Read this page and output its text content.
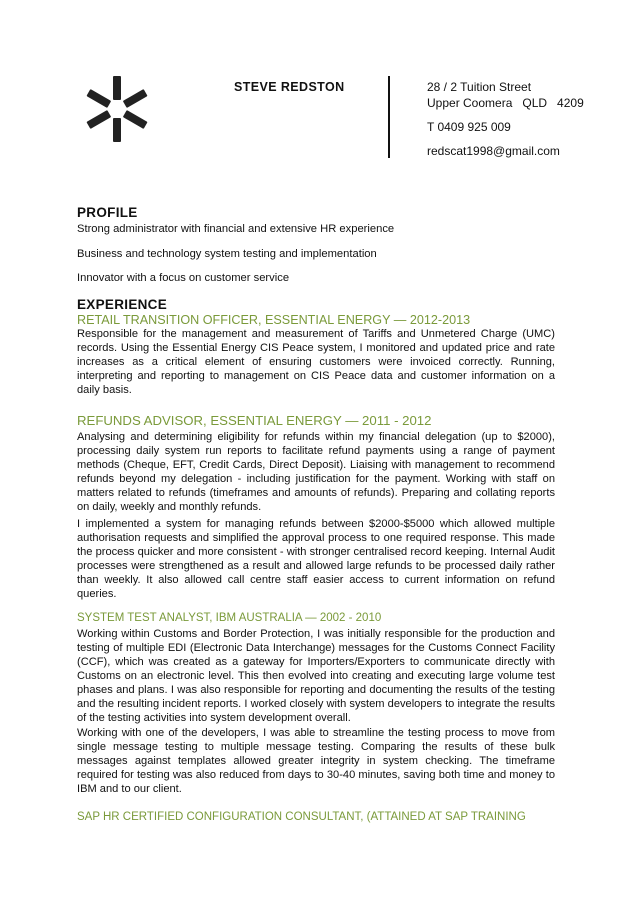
STEVE REDSTON	28 / 2 Tuition Street
Upper Coomera   QLD   4209
T 0409 925 009
redscat1998@gmail.com
PROFILE
Strong administrator with financial and extensive HR experience
Business and technology system testing and implementation
Innovator with a focus on customer service
EXPERIENCE
RETAIL TRANSITION OFFICER, ESSENTIAL ENERGY — 2012-2013
Responsible for the management and measurement of Tariffs and Unmetered Charge (UMC) records. Using the Essential Energy CIS Peace system, I monitored and updated price and rate increases as a critical element of ensuring customers were invoiced correctly. Running, interpreting and reporting to management on CIS Peace data and customer information on a daily basis.
REFUNDS ADVISOR, ESSENTIAL ENERGY — 2011 - 2012
Analysing and determining eligibility for refunds within my financial delegation (up to $2000), processing daily system run reports to facilitate refund payments using a range of payment methods (Cheque, EFT, Credit Cards, Direct Deposit). Liaising with management to recommend refunds beyond my delegation - including justification for the payment. Working with staff on matters related to refunds (timeframes and amounts of refunds). Preparing and collating reports on daily, weekly and monthly refunds.
I implemented a system for managing refunds between $2000-$5000 which allowed multiple authorisation requests and simplified the approval process to one required response. This made the process quicker and more consistent - with stronger centralised record keeping. Internal Audit processes were strengthened as a result and allowed large refunds to be processed daily rather than weekly. It also allowed call centre staff easier access to current information on refund queries.
SYSTEM TEST ANALYST, IBM AUSTRALIA — 2002 - 2010
Working within Customs and Border Protection, I was initially responsible for the production and testing of multiple EDI (Electronic Data Interchange) messages for the Customs Connect Facility (CCF), which was created as a gateway for Importers/Exporters to communicate directly with Customs on an electronic level. This then evolved into creating and executing large volume test phases and plans. I was also responsible for reporting and documenting the results of the testing and the resulting incident reports. I worked closely with system developers to integrate the results of the testing activities into system development overall.
Working with one of the developers, I was able to streamline the testing process to move from single message testing to multiple message testing. Comparing the results of these bulk messages against templates allowed greater integrity in system checking. The timeframe required for testing was also reduced from days to 30-40 minutes, saving both time and money to IBM and to our client.
SAP HR CERTIFIED CONFIGURATION CONSULTANT, (ATTAINED AT SAP TRAINING
